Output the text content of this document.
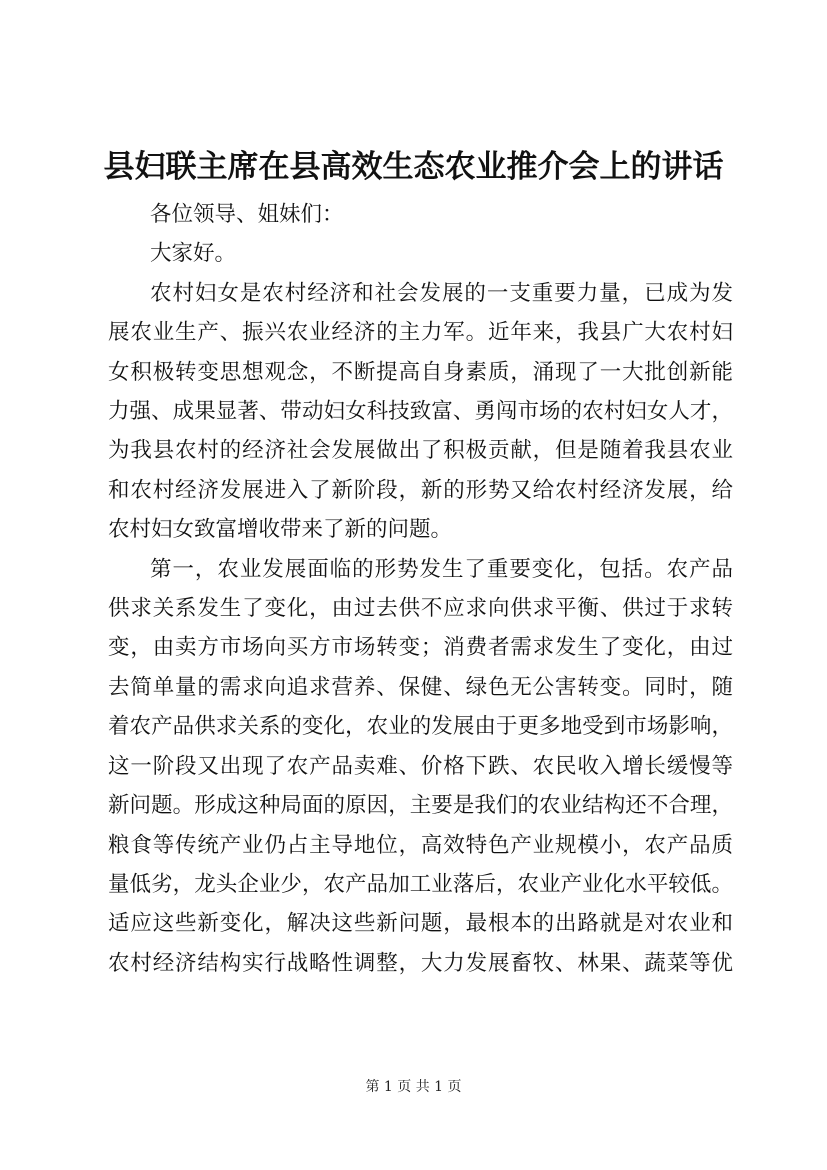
县妇联主席在县高效生态农业推介会上的讲话
各位领导、姐妹们：
大家好。
农村妇女是农村经济和社会发展的一支重要力量，已成为发
展农业生产、振兴农业经济的主力军。近年来，我县广大农村妇
女积极转变思想观念，不断提高自身素质，涌现了一大批创新能
力强、成果显著、带动妇女科技致富、勇闯市场的农村妇女人才，
为我县农村的经济社会发展做出了积极贡献，但是随着我县农业
和农村经济发展进入了新阶段，新的形势又给农村经济发展，给
农村妇女致富增收带来了新的问题。
第一，农业发展面临的形势发生了重要变化，包括。农产品
供求关系发生了变化，由过去供不应求向供求平衡、供过于求转
变，由卖方市场向买方市场转变；消费者需求发生了变化，由过
去简单量的需求向追求营养、保健、绿色无公害转变。同时，随
着农产品供求关系的变化，农业的发展由于更多地受到市场影响，
这一阶段又出现了农产品卖难、价格下跌、农民收入增长缓慢等
新问题。形成这种局面的原因，主要是我们的农业结构还不合理，
粮食等传统产业仍占主导地位，高效特色产业规模小，农产品质
量低劣，龙头企业少，农产品加工业落后，农业产业化水平较低。
适应这些新变化，解决这些新问题，最根本的出路就是对农业和
农村经济结构实行战略性调整，大力发展畜牧、林果、蔬菜等优
第 1 页 共 1 页
